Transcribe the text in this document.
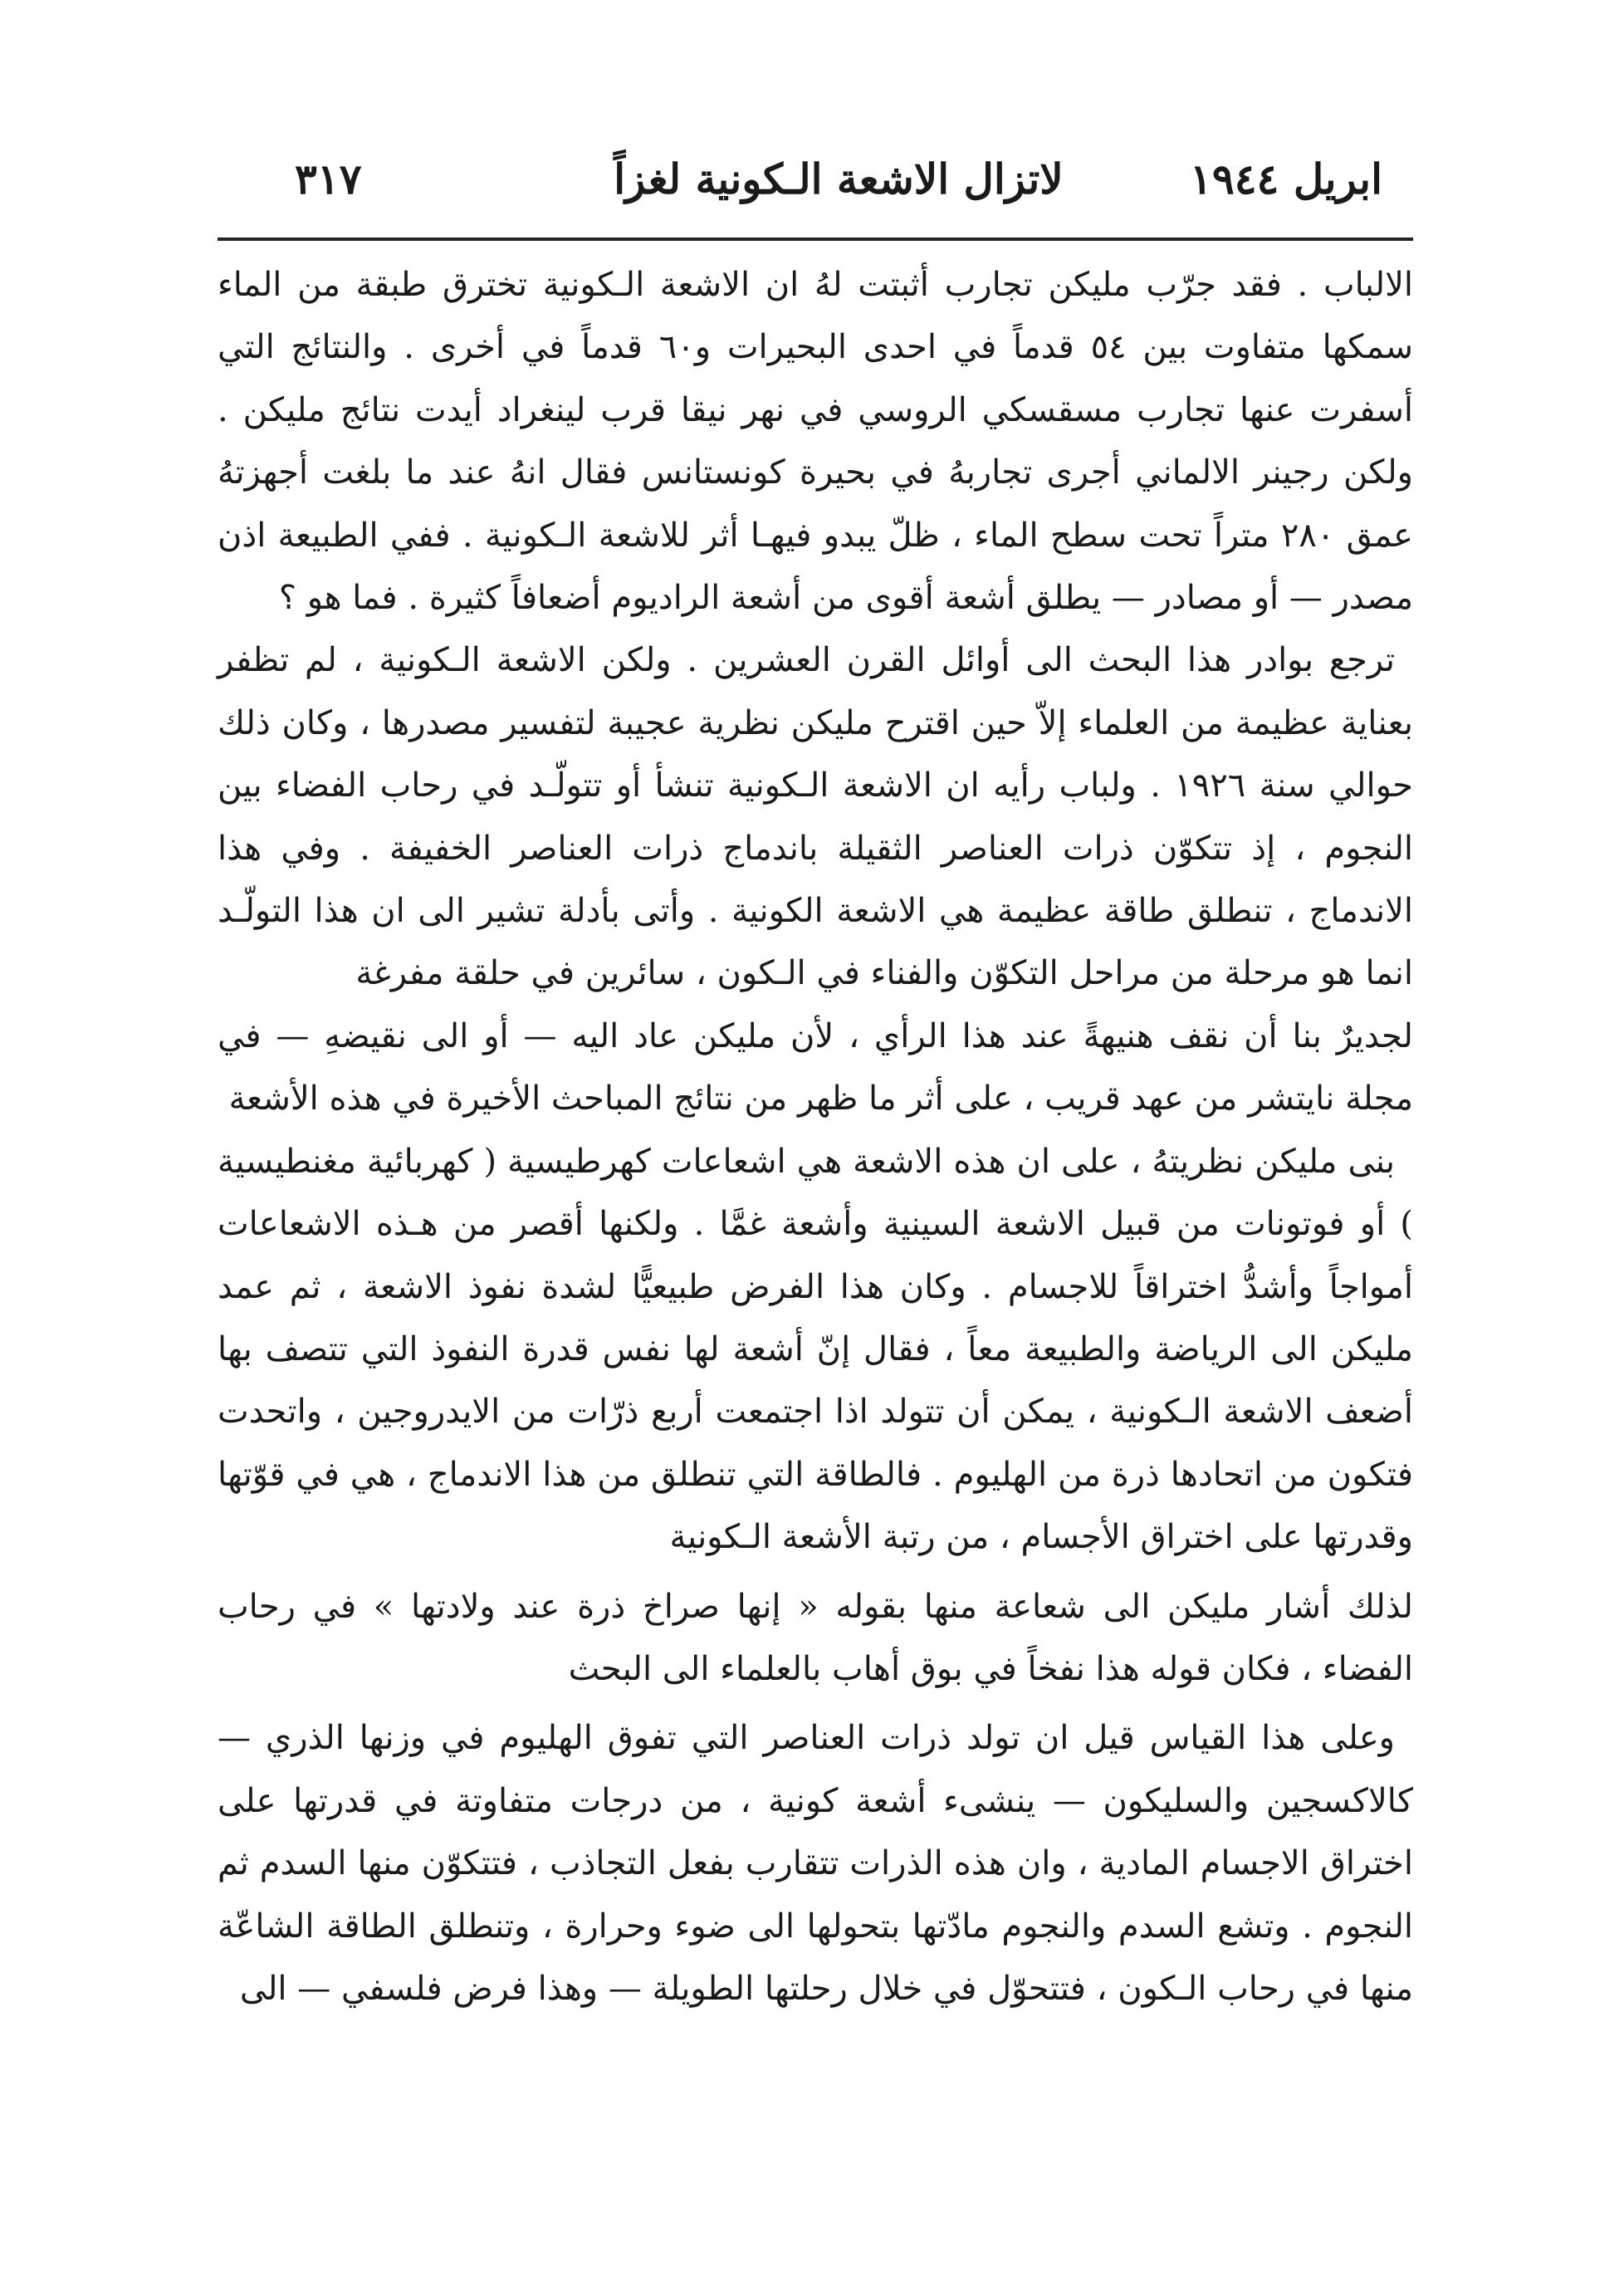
٣١٧	لاتزال الاشعة الـكونية لغزاً	ابريل ١٩٤٤

الالباب . فقد جرّب مليكن تجارب أثبتت لهُ ان الاشعة الـكونية تخترق طبقة من الماء سمكها متفاوت بين ٥٤ قدماً في احدى البحيرات و٦٠ قدماً في أخرى . والنتائج التي أسفرت عنها تجارب مسقسكي الروسي في نهر نيقا قرب لينغراد أيدت نتائج مليكن . ولكن رجينر الالماني أجرى تجاربهُ في بحيرة كونستانس فقال انهُ عند ما بلغت أجهزتهُ عمق ٢٨٠ متراً تحت سطح الماء ، ظلّ يبدو فيهـا أثر للاشعة الـكونية . ففي الطبيعة اذن مصدر — أو مصادر — يطلق أشعة أقوى من أشعة الراديوم أضعافاً كثيرة . فما هو ؟

ترجع بوادر هذا البحث الى أوائل القرن العشرين . ولكن الاشعة الـكونية ، لم تظفر بعناية عظيمة من العلماء إلاّ حين اقترح مليكن نظرية عجيبة لتفسير مصدرها ، وكان ذلك حوالي سنة ١٩٢٦ . ولباب رأيه ان الاشعة الـكونية تنشأ أو تتولّـد في رحاب الفضاء بين النجوم ، إذ تتكوّن ذرات العناصر الثقيلة باندماج ذرات العناصر الخفيفة . وفي هذا الاندماج ، تنطلق طاقة عظيمة هي الاشعة الكونية . وأتى بأدلة تشير الى ان هذا التولّـد انما هو مرحلة من مراحل التكوّن والفناء في الـكون ، سائرين في حلقة مفرغة

لجديرٌ بنا أن نقف هنيهةً عند هذا الرأي ، لأن مليكن عاد اليه — أو الى نقيضهِ — في مجلة نايتشر من عهد قريب ، على أثر ما ظهر من نتائج المباحث الأخيرة في هذه الأشعة

بنى مليكن نظريتهُ ، على ان هذه الاشعة هي اشعاعات كهرطيسية ( كهربائية مغنطيسية ) أو فوتونات من قبيل الاشعة السينية وأشعة غمَّا . ولكنها أقصر من هـذه الاشعاعات أمواجاً وأشدُّ اختراقاً للاجسام . وكان هذا الفرض طبيعيًّا لشدة نفوذ الاشعة ، ثم عمد مليكن الى الرياضة والطبيعة معاً ، فقال إنّ أشعة لها نفس قدرة النفوذ التي تتصف بها أضعف الاشعة الـكونية ، يمكن أن تتولد اذا اجتمعت أربع ذرّات من الايدروجين ، واتحدت فتكون من اتحادها ذرة من الهليوم . فالطاقة التي تنطلق من هذا الاندماج ، هي في قوّتها وقدرتها على اختراق الأجسام ، من رتبة الأشعة الـكونية

لذلك أشار مليكن الى شعاعة منها بقوله « إنها صراخ ذرة عند ولادتها » في رحاب الفضاء ، فكان قوله هذا نفخاً في بوق أهاب بالعلماء الى البحث

وعلى هذا القياس قيل ان تولد ذرات العناصر التي تفوق الهليوم في وزنها الذري — كالاكسجين والسليكون — ينشىء أشعة كونية ، من درجات متفاوتة في قدرتها على اختراق الاجسام المادية ، وان هذه الذرات تتقارب بفعل التجاذب ، فتتكوّن منها السدم ثم النجوم . وتشع السدم والنجوم مادّتها بتحولها الى ضوء وحرارة ، وتنطلق الطاقة الشاعّة منها في رحاب الـكون ، فتتحوّل في خلال رحلتها الطويلة — وهذا فرض فلسفي — الى
